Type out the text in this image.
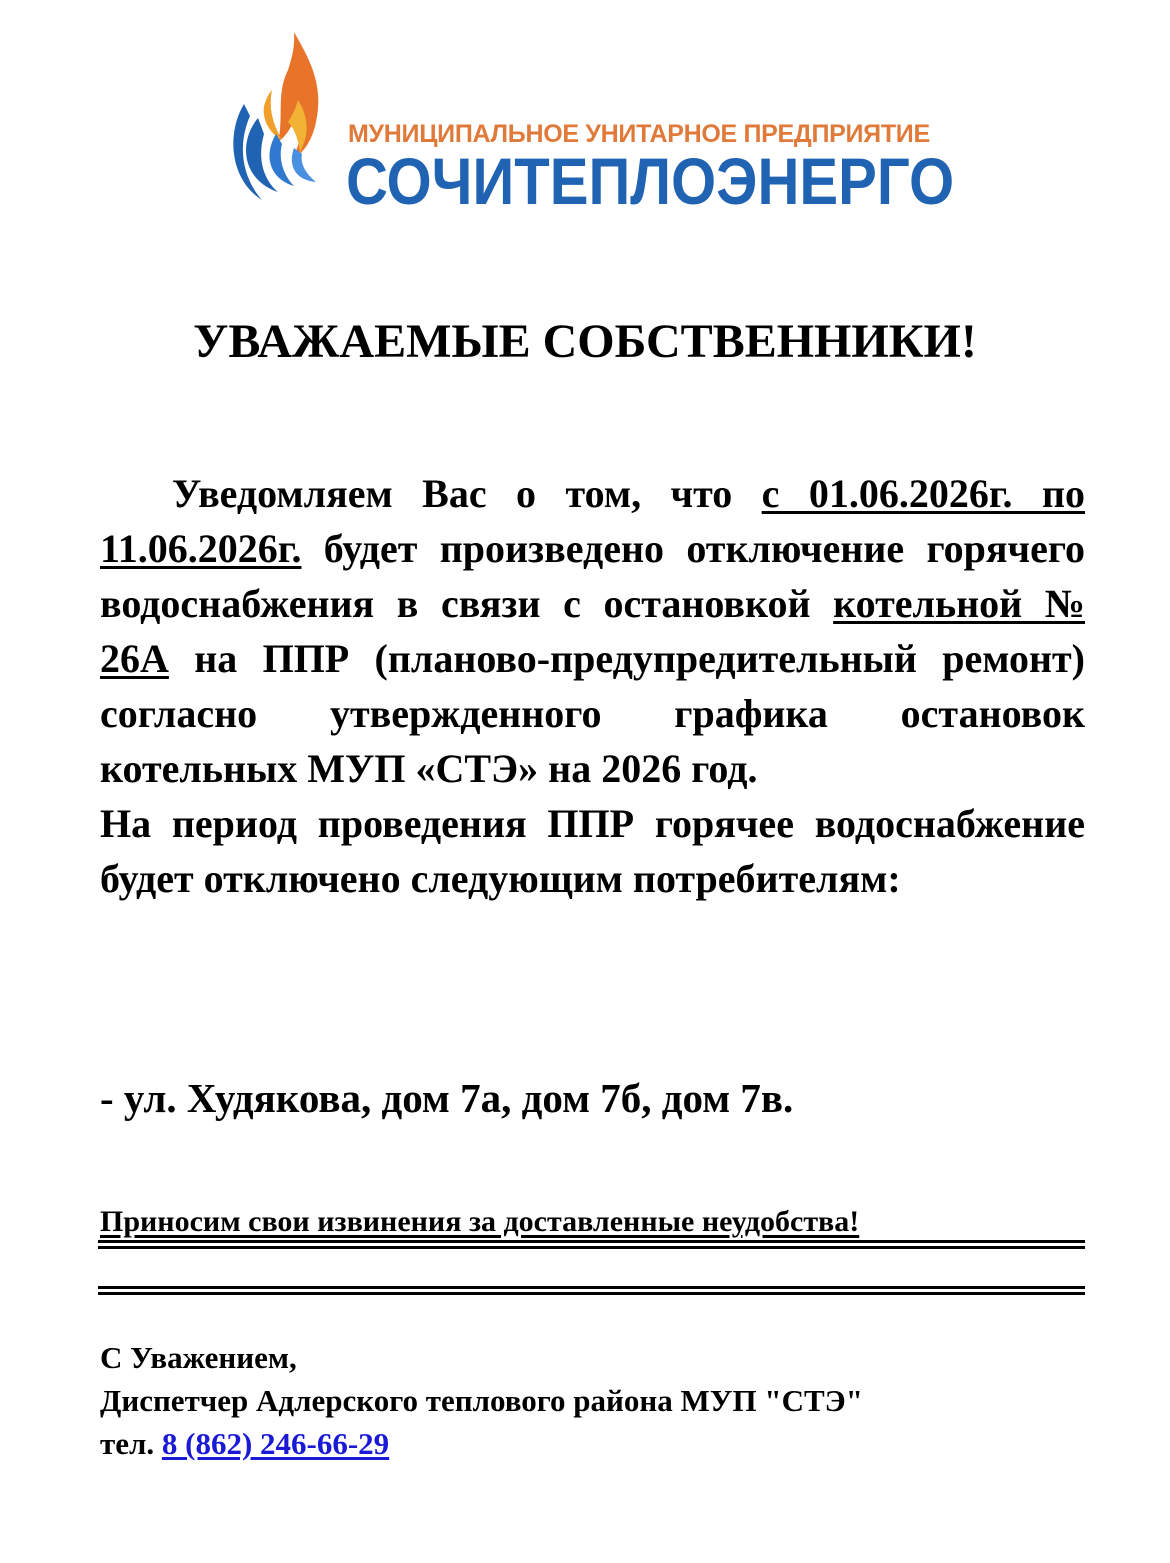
МУНИЦИПАЛЬНОЕ УНИТАРНОЕ ПРЕДПРИЯТИЕ
СОЧИТЕПЛОЭНЕРГО
УВАЖАЕМЫЕ СОБСТВЕННИКИ!

Уведомляем Вас о том, что с 01.06.2026г. по 11.06.2026г. будет произведено отключение горячего водоснабжения в связи с остановкой котельной № 26А на ППР (планово-предупредительный ремонт) согласно утвержденного графика остановок котельных МУП «СТЭ» на 2026 год.

На период проведения ППР горячее водоснабжение будет отключено следующим потребителям:

- ул. Худякова, дом 7а, дом 7б, дом 7в.
Приносим свои извинения за доставленные неудобства!
С Уважением,
Диспетчер Адлерского теплового района МУП "СТЭ"
тел. 8 (862) 246-66-29
